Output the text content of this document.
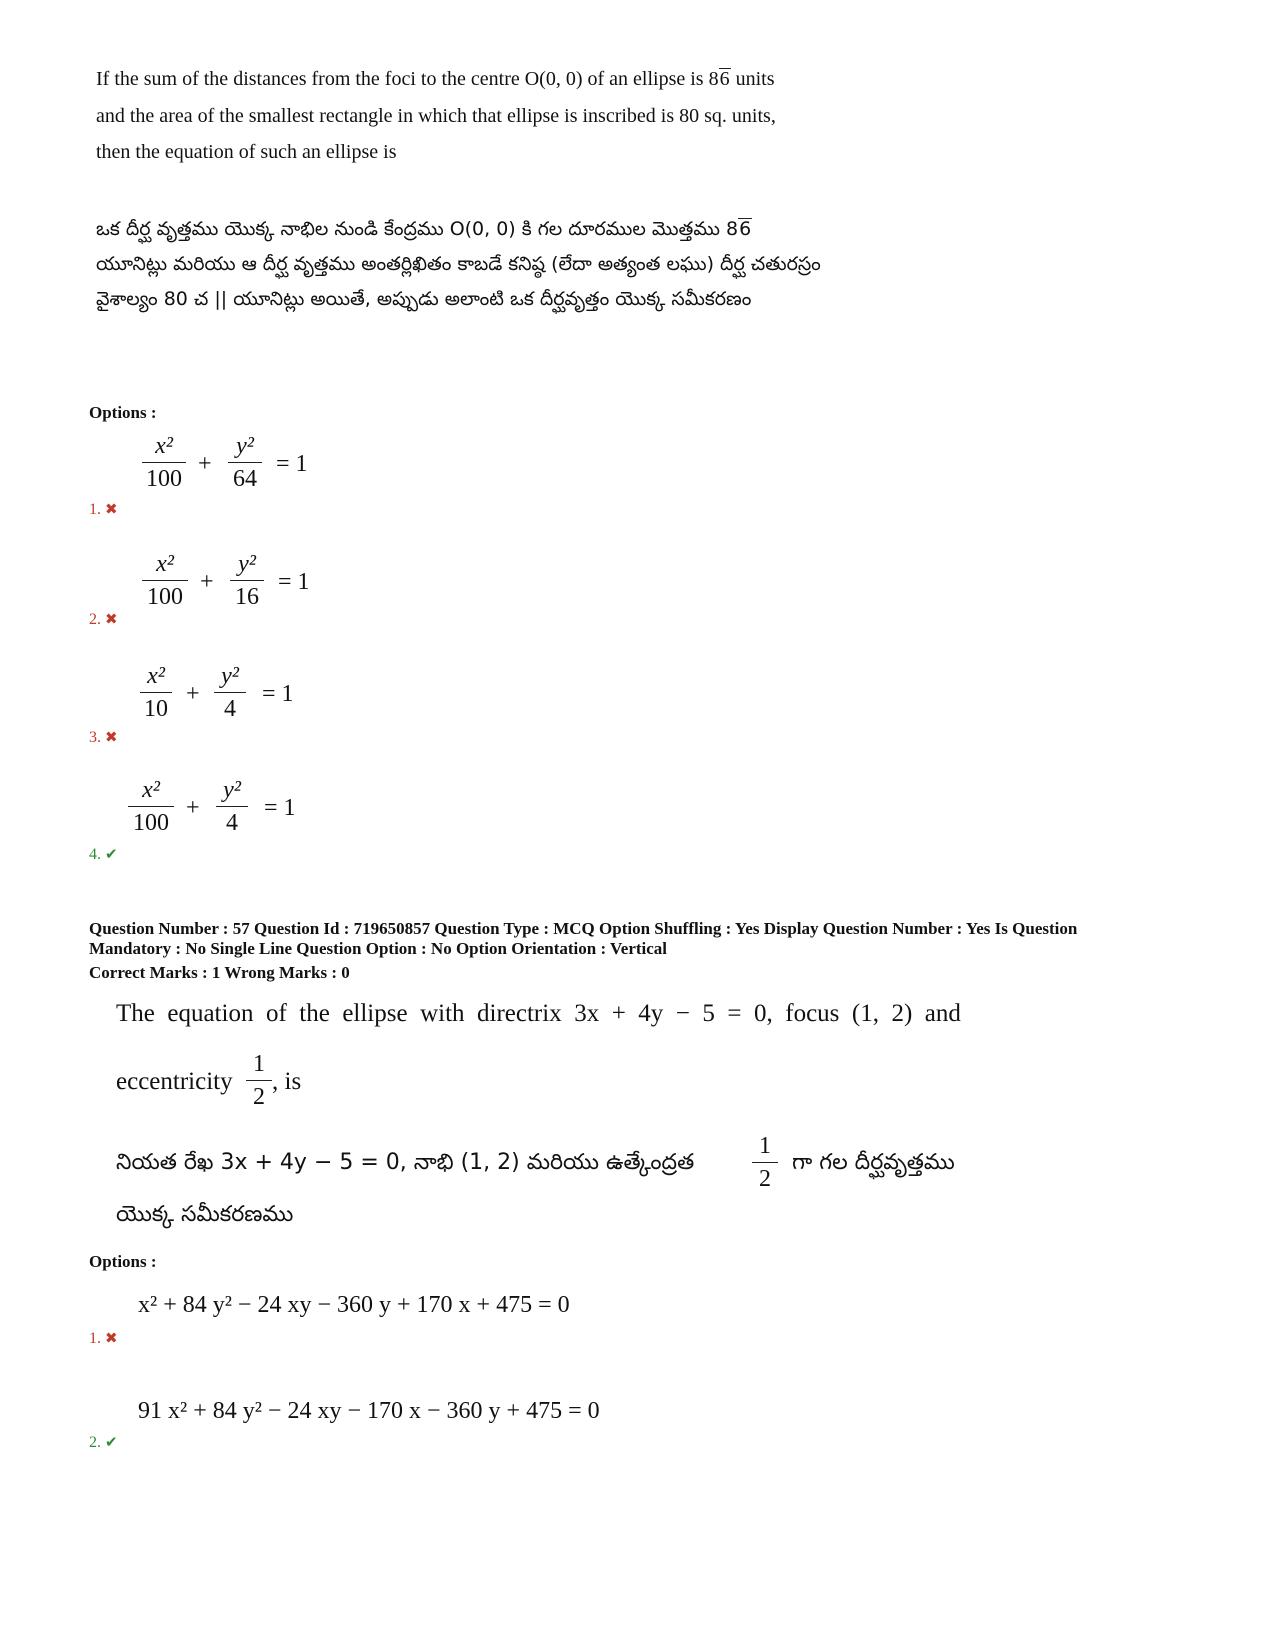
If the sum of the distances from the foci to the centre O(0, 0) of an ellipse is 86 units
and the area of the smallest rectangle in which that ellipse is inscribed is 80 sq. units,
then the equation of such an ellipse is
ఒక దీర్ఘ వృత్తము యొక్క నాభిల నుండి కేంద్రము O(0, 0) కి గల దూరముల మొత్తము 86
యూనిట్లు మరియు ఆ దీర్ఘ వృత్తము అంతర్లిఖితం కాబడే కనిష్ఠ (లేదా అత్యంత లఘు) దీర్ఘ చతురస్రం
వైశాల్యం 80 చ || యూనిట్లు అయితే, అప్పుడు అలాంటి ఒక దీర్ఘవృత్తం యొక్క సమీకరణం
Options :
x²
100
+
y²
64
= 1
1. ✖
x²
100
+
y²
16
= 1
2. ✖
x²
10
+
y²
4
= 1
3. ✖
x²
100
+
y²
4
= 1
4. ✔
Question Number : 57 Question Id : 719650857 Question Type : MCQ Option Shuffling : Yes Display Question Number : Yes Is Question
Mandatory : No Single Line Question Option : No Option Orientation : Vertical
Correct Marks : 1 Wrong Marks : 0
The  equation  of  the  ellipse  with  directrix  3x  +  4y  −  5  =  0,  focus  (1,  2)  and
eccentricity
1
2
, is
నియత రేఖ 3x + 4y − 5 = 0, నాభి (1, 2) మరియు ఉత్కేంద్రత
1
2
గా గల దీర్ఘవృత్తము
యొక్క సమీకరణము
Options :
x² + 84 y² − 24 xy − 360 y + 170 x + 475 = 0
1. ✖
91 x² + 84 y² − 24 xy − 170 x − 360 y + 475 = 0
2. ✔
